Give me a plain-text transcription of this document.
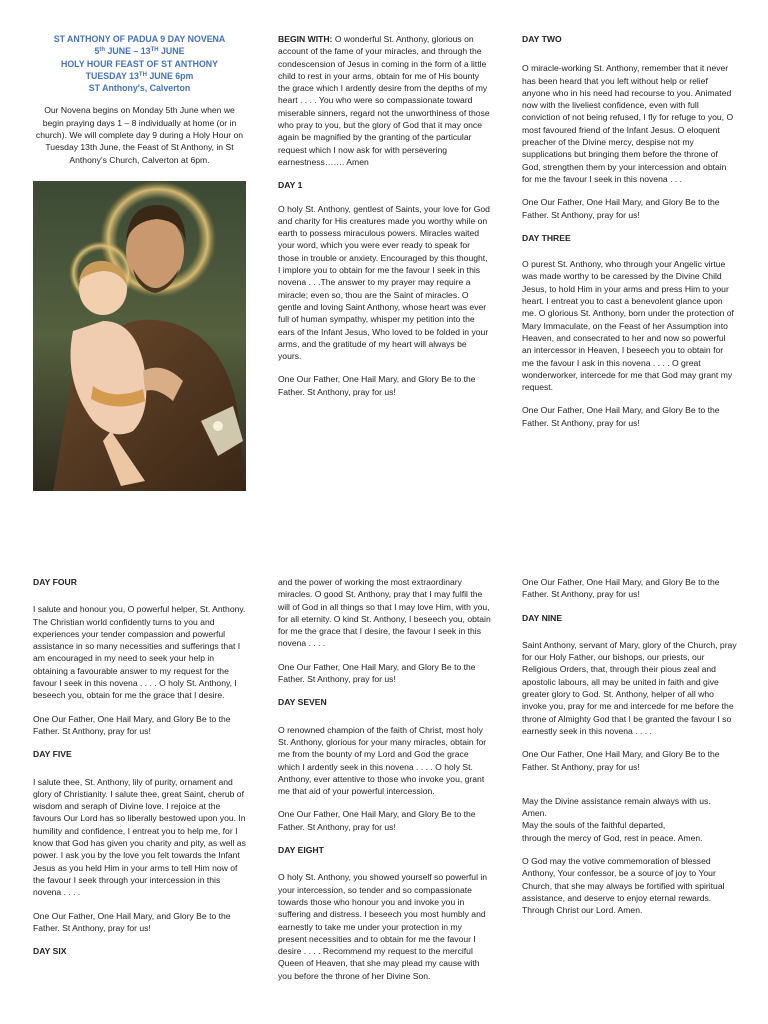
ST ANTHONY OF PADUA 9 DAY NOVENA
5th JUNE – 13TH JUNE
HOLY HOUR FEAST OF ST ANTHONY
TUESDAY 13TH JUNE 6pm
ST Anthony's, Calverton

Our Novena begins on Monday 5th June when we begin praying days 1 – 8 individually at home (or in church). We will complete day 9 during a Holy Hour on Tuesday 13th June, the Feast of St Anthony, in St Anthony's Church, Calverton at 6pm.

BEGIN WITH: O wonderful St. Anthony, glorious on account of the fame of your miracles, and through the condescension of Jesus in coming in the form of a little child to rest in your arms, obtain for me of His bounty the grace which I ardently desire from the depths of my heart . . . . You who were so compassionate toward miserable sinners, regard not the unworthiness of those who pray to you, but the glory of God that it may once again be magnified by the granting of the particular request which I now ask for with persevering earnestness……. Amen

DAY 1

O holy St. Anthony, gentlest of Saints, your love for God and charity for His creatures made you worthy while on earth to possess miraculous powers. Miracles waited your word, which you were ever ready to speak for those in trouble or anxiety. Encouraged by this thought, I implore you to obtain for me the favour I seek in this novena . . .The answer to my prayer may require a miracle; even so, thou are the Saint of miracles. O gentle and loving Saint Anthony, whose heart was ever full of human sympathy, whisper my petition into the ears of the Infant Jesus, Who loved to be folded in your arms, and the gratitude of my heart will always be yours.

One Our Father, One Hail Mary, and Glory Be to the Father. St Anthony, pray for us!

DAY TWO

O miracle-working St. Anthony, remember that it never has been heard that you left without help or relief anyone who in his need had recourse to you. Animated now with the liveliest confidence, even with full conviction of not being refused, I fly for refuge to you, O most favoured friend of the Infant Jesus. O eloquent preacher of the Divine mercy, despise not my supplications but bringing them before the throne of God, strengthen them by your intercession and obtain for me the favour I seek in this novena . . .

One Our Father, One Hail Mary, and Glory Be to the Father. St Anthony, pray for us!

DAY THREE

O purest St. Anthony, who through your Angelic virtue was made worthy to be caressed by the Divine Child Jesus, to hold Him in your arms and press Him to your heart. I entreat you to cast a benevolent glance upon me. O glorious St. Anthony, born under the protection of Mary Immaculate, on the Feast of her Assumption into Heaven, and consecrated to her and now so powerful an intercessor in Heaven, I beseech you to obtain for me the favour I ask in this novena . . . . O great wonderworker, intercede for me that God may grant my request.

One Our Father, One Hail Mary, and Glory Be to the Father. St Anthony, pray for us!

DAY FOUR

I salute and honour you, O powerful helper, St. Anthony. The Christian world confidently turns to you and experiences your tender compassion and powerful assistance in so many necessities and sufferings that I am encouraged in my need to seek your help in obtaining a favourable answer to my request for the favour I seek in this novena . . . . O holy St. Anthony, I beseech you, obtain for me the grace that I desire.

One Our Father, One Hail Mary, and Glory Be to the Father. St Anthony, pray for us!

DAY FIVE

I salute thee, St. Anthony, lily of purity, ornament and glory of Christianity. I salute thee, great Saint, cherub of wisdom and seraph of Divine love. I rejoice at the favours Our Lord has so liberally bestowed upon you. In humility and confidence, I entreat you to help me, for I know that God has given you charity and pity, as well as power. I ask you by the love you felt towards the Infant Jesus as you held Him in your arms to tell Him now of the favour I seek through your intercession in this novena . . . .

One Our Father, One Hail Mary, and Glory Be to the Father. St Anthony, pray for us!

DAY SIX

and the power of working the most extraordinary miracles. O good St. Anthony, pray that I may fulfil the will of God in all things so that I may love Him, with you, for all eternity. O kind St. Anthony, I beseech you, obtain for me the grace that I desire, the favour I seek in this novena . . . .

One Our Father, One Hail Mary, and Glory Be to the Father. St Anthony, pray for us!

DAY SEVEN

O renowned champion of the faith of Christ, most holy St. Anthony, glorious for your many miracles, obtain for me from the bounty of my Lord and God the grace which I ardently seek in this novena . . . . O holy St. Anthony, ever attentive to those who invoke you, grant me that aid of your powerful intercession.

One Our Father, One Hail Mary, and Glory Be to the Father. St Anthony, pray for us!

DAY EIGHT

O holy St. Anthony, you showed yourself so powerful in your intercession, so tender and so compassionate towards those who honour you and invoke you in suffering and distress. I beseech you most humbly and earnestly to take me under your protection in my present necessities and to obtain for me the favour I desire . . . . Recommend my request to the merciful Queen of Heaven, that she may plead my cause with you before the throne of her Divine Son.

One Our Father, One Hail Mary, and Glory Be to the Father. St Anthony, pray for us!

DAY NINE

Saint Anthony, servant of Mary, glory of the Church, pray for our Holy Father, our bishops, our priests, our Religious Orders, that, through their pious zeal and apostolic labours, all may be united in faith and give greater glory to God. St. Anthony, helper of all who invoke you, pray for me and intercede for me before the throne of Almighty God that I be granted the favour I so earnestly seek in this novena . . . .

One Our Father, One Hail Mary, and Glory Be to the Father. St Anthony, pray for us!

May the Divine assistance remain always with us.
Amen.
May the souls of the faithful departed,
through the mercy of God, rest in peace. Amen.

O God may the votive commemoration of blessed Anthony, Your confessor, be a source of joy to Your Church, that she may always be fortified with spiritual assistance, and deserve to enjoy eternal rewards. Through Christ our Lord. Amen.
